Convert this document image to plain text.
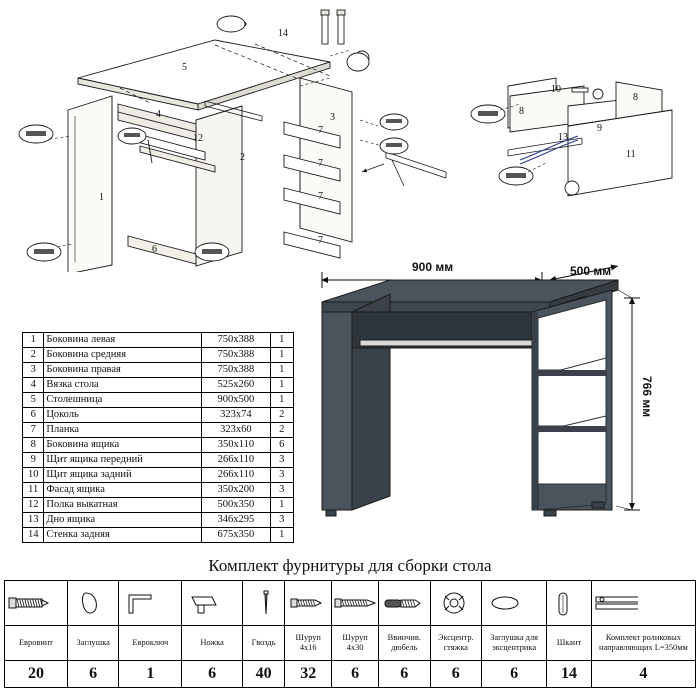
1
2
3
4
5
6
7
7
7
7
12
14
8
8
9
10
11
13
1	Боковина левая	750x388	1
2	Боковина средняя	750x388	1
3	Боковина правая	750x388	1
4	Вязка стола	525x260	1
5	Столешница	900x500	1
6	Цоколь	323x74	2
7	Планка	323x60	2
8	Боковина ящика	350x110	6
9	Щит ящика передний	266x110	3
10	Щит ящика задний	266x110	3
11	Фасад ящика	350x200	3
12	Полка выкатная	500x350	1
13	Дно ящика	346x295	3
14	Стенка задняя	675x350	1
900 мм	500 мм
766 мм
Комплект фурнитуры для сборки стола

Евровинт	Заглушка	Евроключ	Ножка	Гвоздь	Шуруп 4x16	Шуруп 4x30	Ввинчив. дюбель	Эксцентр. стяжка	Заглушка для эксцентрика	Шкант	Комплект роликовых направляющих L=350мм
20	6	1	6	40	32	6	6	6	6	14	4
